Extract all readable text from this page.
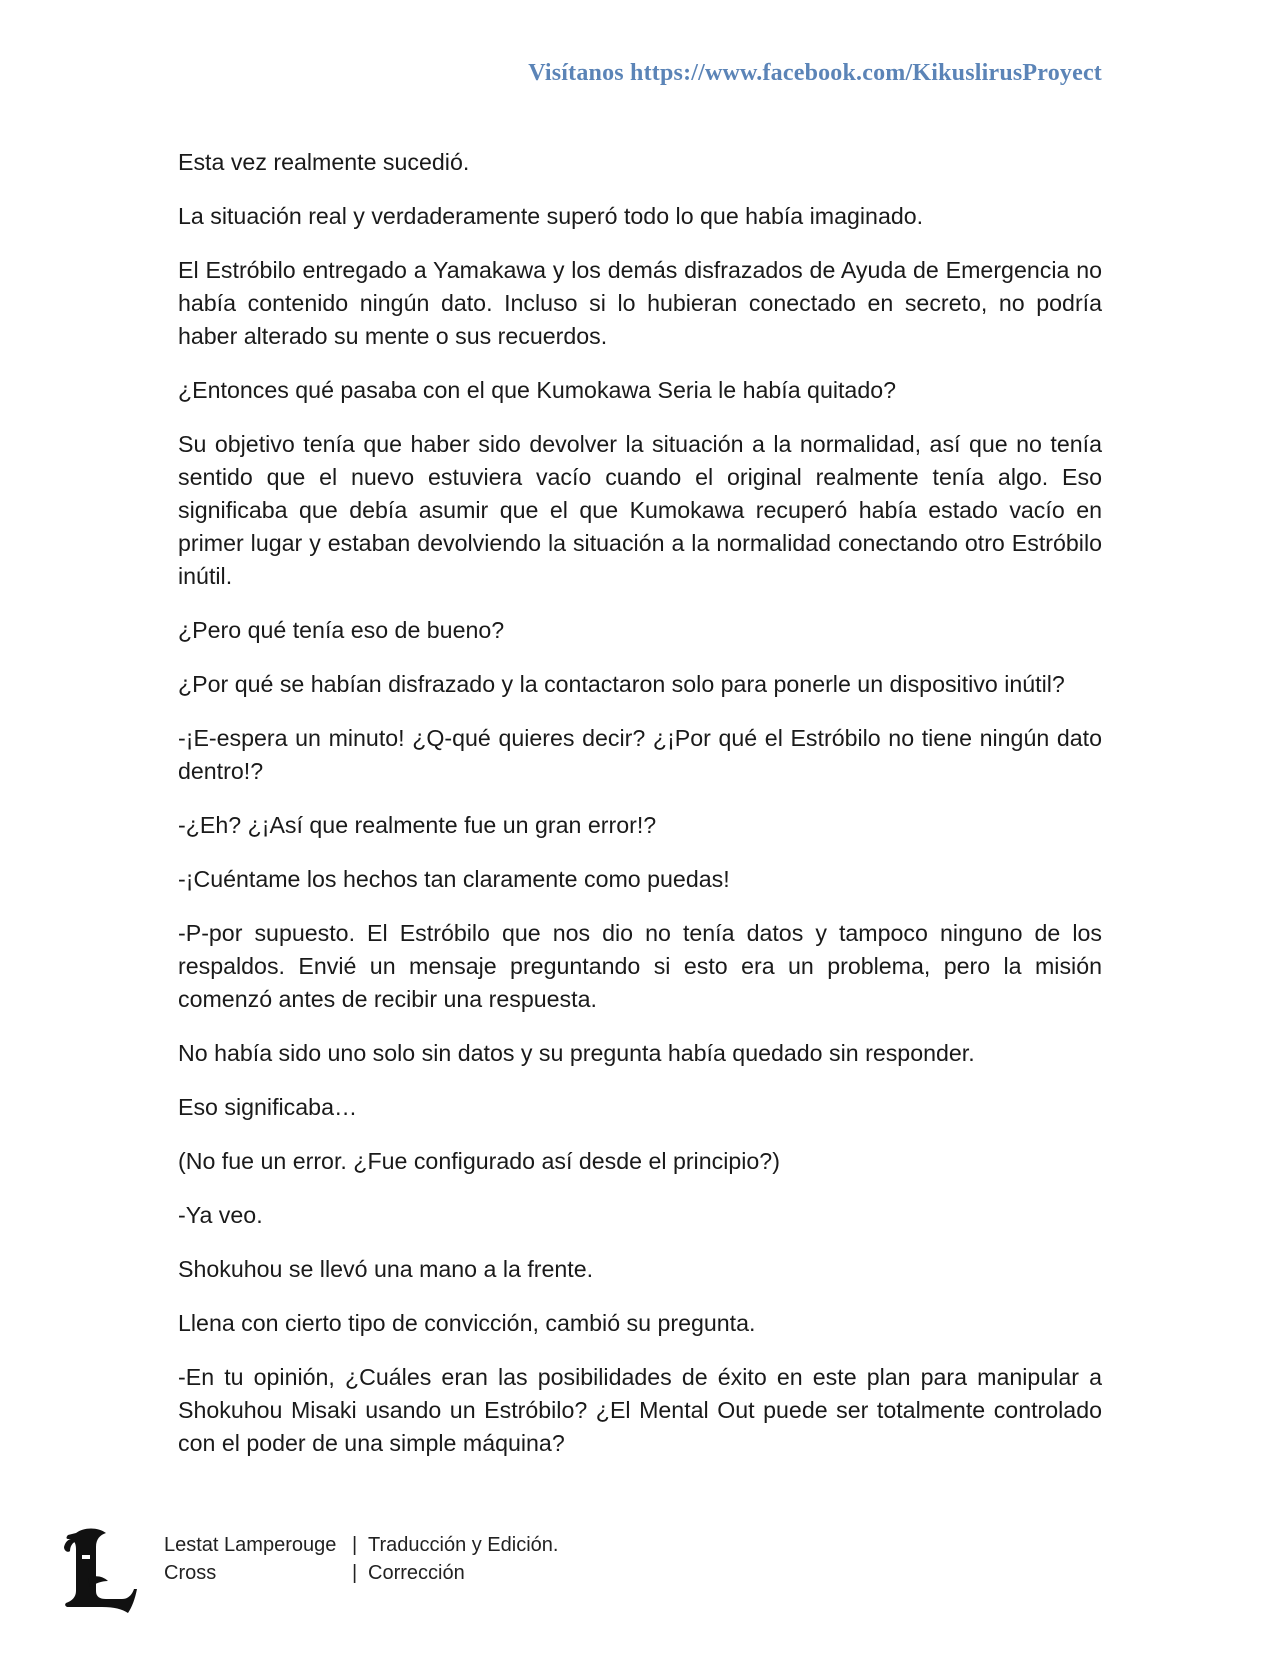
Visítanos https://www.facebook.com/KikuslirusProyect

Esta vez realmente sucedió.

La situación real y verdaderamente superó todo lo que había imaginado.

El Estróbilo entregado a Yamakawa y los demás disfrazados de Ayuda de Emergencia no había contenido ningún dato. Incluso si lo hubieran conectado en secreto, no podría haber alterado su mente o sus recuerdos.

¿Entonces qué pasaba con el que Kumokawa Seria le había quitado?

Su objetivo tenía que haber sido devolver la situación a la normalidad, así que no tenía sentido que el nuevo estuviera vacío cuando el original realmente tenía algo. Eso significaba que debía asumir que el que Kumokawa recuperó había estado vacío en primer lugar y estaban devolviendo la situación a la normalidad conectando otro Estróbilo inútil.

¿Pero qué tenía eso de bueno?

¿Por qué se habían disfrazado y la contactaron solo para ponerle un dispositivo inútil?

-¡E-espera un minuto! ¿Q-qué quieres decir? ¿¡Por qué el Estróbilo no tiene ningún dato dentro!?

-¿Eh? ¿¡Así que realmente fue un gran error!?

-¡Cuéntame los hechos tan claramente como puedas!

-P-por supuesto. El Estróbilo que nos dio no tenía datos y tampoco ninguno de los respaldos. Envié un mensaje preguntando si esto era un problema, pero la misión comenzó antes de recibir una respuesta.

No había sido uno solo sin datos y su pregunta había quedado sin responder.

Eso significaba…

(No fue un error. ¿Fue configurado así desde el principio?)

-Ya veo.

Shokuhou se llevó una mano a la frente.

Llena con cierto tipo de convicción, cambió su pregunta.

-En tu opinión, ¿Cuáles eran las posibilidades de éxito en este plan para manipular a Shokuhou Misaki usando un Estróbilo? ¿El Mental Out puede ser totalmente controlado con el poder de una simple máquina?

Lestat Lamperouge | Traducción y Edición.
Cross	| Corrección
